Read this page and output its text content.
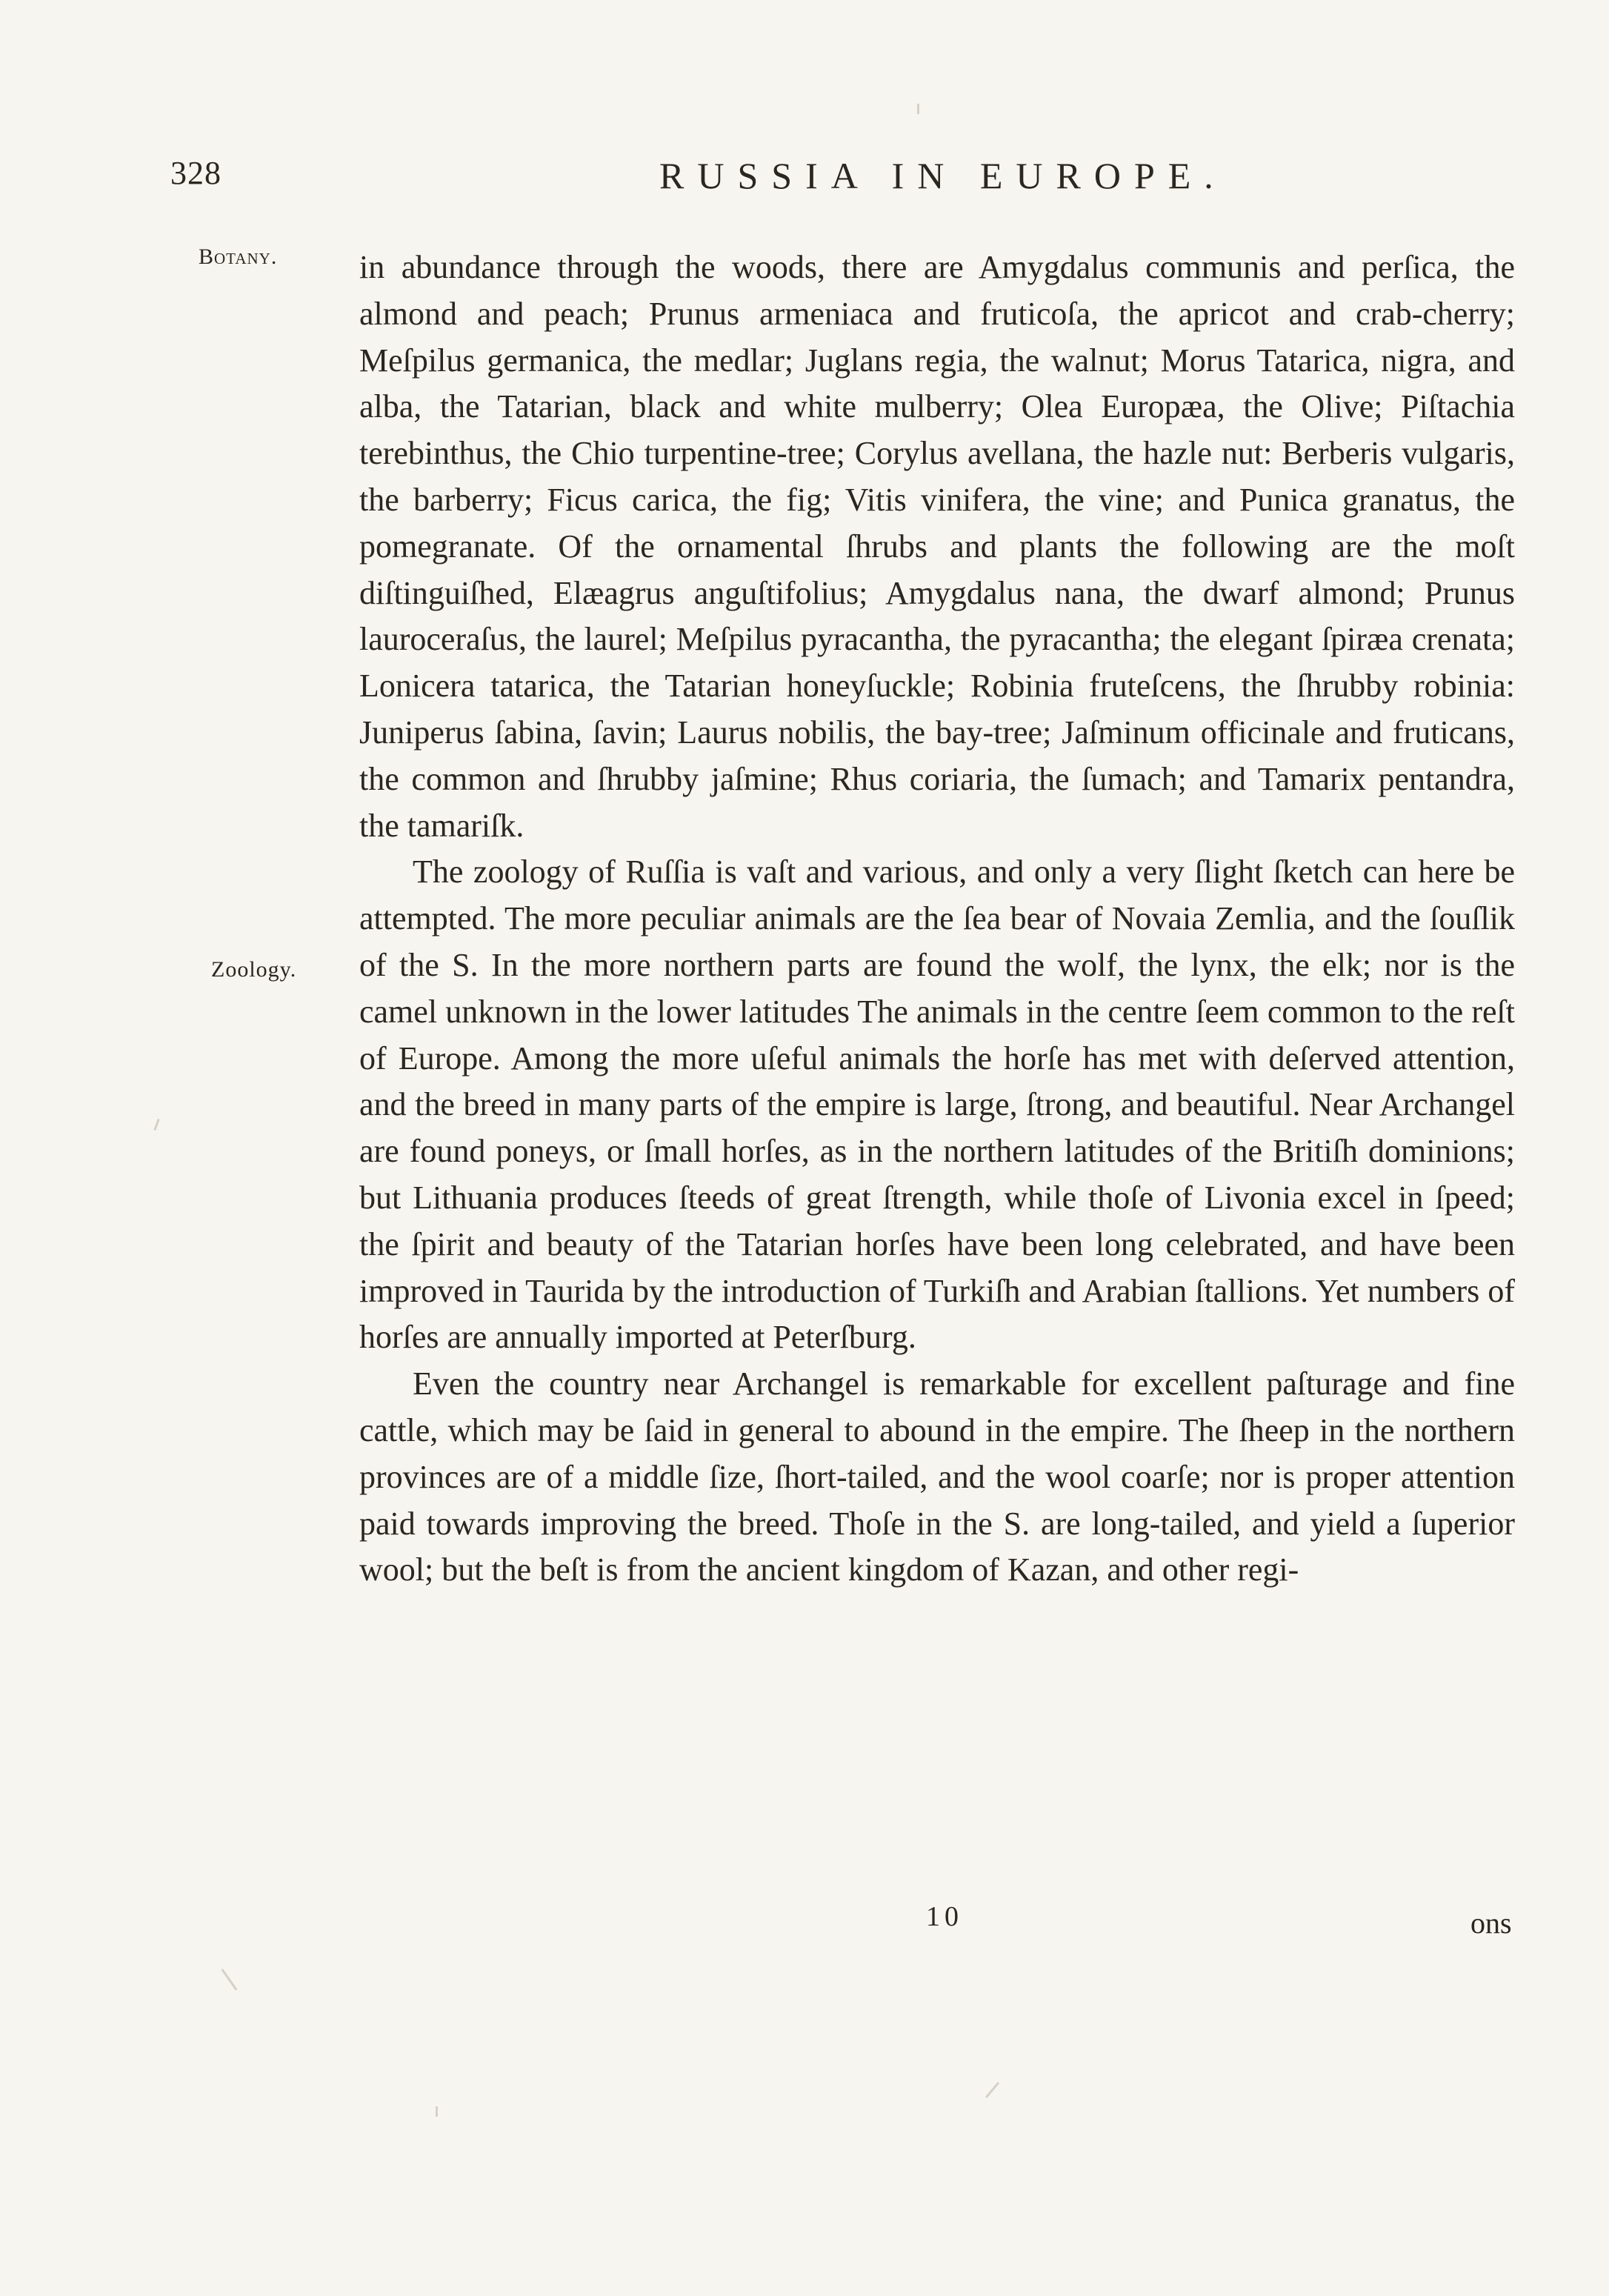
328	RUSSIA IN EUROPE.
Botany.
Zoology.

in abundance through the woods, there are Amygdalus communis and perſica, the almond and peach; Prunus armeniaca and fruticoſa, the apricot and crab-cherry; Meſpilus germanica, the medlar; Juglans regia, the walnut; Morus Tatarica, nigra, and alba, the Tatarian, black and white mulberry; Olea Europæa, the Olive; Piſtachia terebinthus, the Chio turpentine-tree; Corylus avellana, the hazle nut: Berberis vulgaris, the barberry; Ficus carica, the fig; Vitis vinifera, the vine; and Punica granatus, the pomegranate. Of the ornamental ſhrubs and plants the following are the moſt diſtinguiſhed, Elæagrus anguſtifolius; Amygdalus nana, the dwarf almond; Prunus lauroceraſus, the laurel; Meſpilus pyracantha, the pyracantha; the elegant ſpiræa crenata; Lonicera tatarica, the Tatarian honeyſuckle; Robinia fruteſcens, the ſhrubby robinia: Juniperus ſabina, ſavin; Laurus nobilis, the bay-tree; Jaſminum officinale and fruticans, the common and ſhrubby jaſmine; Rhus coriaria, the ſumach; and Tamarix pentandra, the tamariſk.

The zoology of Ruſſia is vaſt and various, and only a very ſlight ſketch can here be attempted. The more peculiar animals are the ſea bear of Novaia Zemlia, and the ſouſlik of the S. In the more northern parts are found the wolf, the lynx, the elk; nor is the camel unknown in the lower latitudes The animals in the centre ſeem common to the reſt of Europe. Among the more uſeful animals the horſe has met with deſerved attention, and the breed in many parts of the empire is large, ſtrong, and beautiful. Near Archangel are found poneys, or ſmall horſes, as in the northern latitudes of the Britiſh dominions; but Lithuania produces ſteeds of great ſtrength, while thoſe of Livonia excel in ſpeed; the ſpirit and beauty of the Tatarian horſes have been long celebrated, and have been improved in Taurida by the introduction of Turkiſh and Arabian ſtallions. Yet numbers of horſes are annually imported at Peterſburg.

Even the country near Archangel is remarkable for excellent paſturage and fine cattle, which may be ſaid in general to abound in the empire. The ſheep in the northern provinces are of a middle ſize, ſhort-tailed, and the wool coarſe; nor is proper attention paid towards improving the breed. Thoſe in the S. are long-tailed, and yield a ſuperior wool; but the beſt is from the ancient kingdom of Kazan, and other regi-

10	ons
